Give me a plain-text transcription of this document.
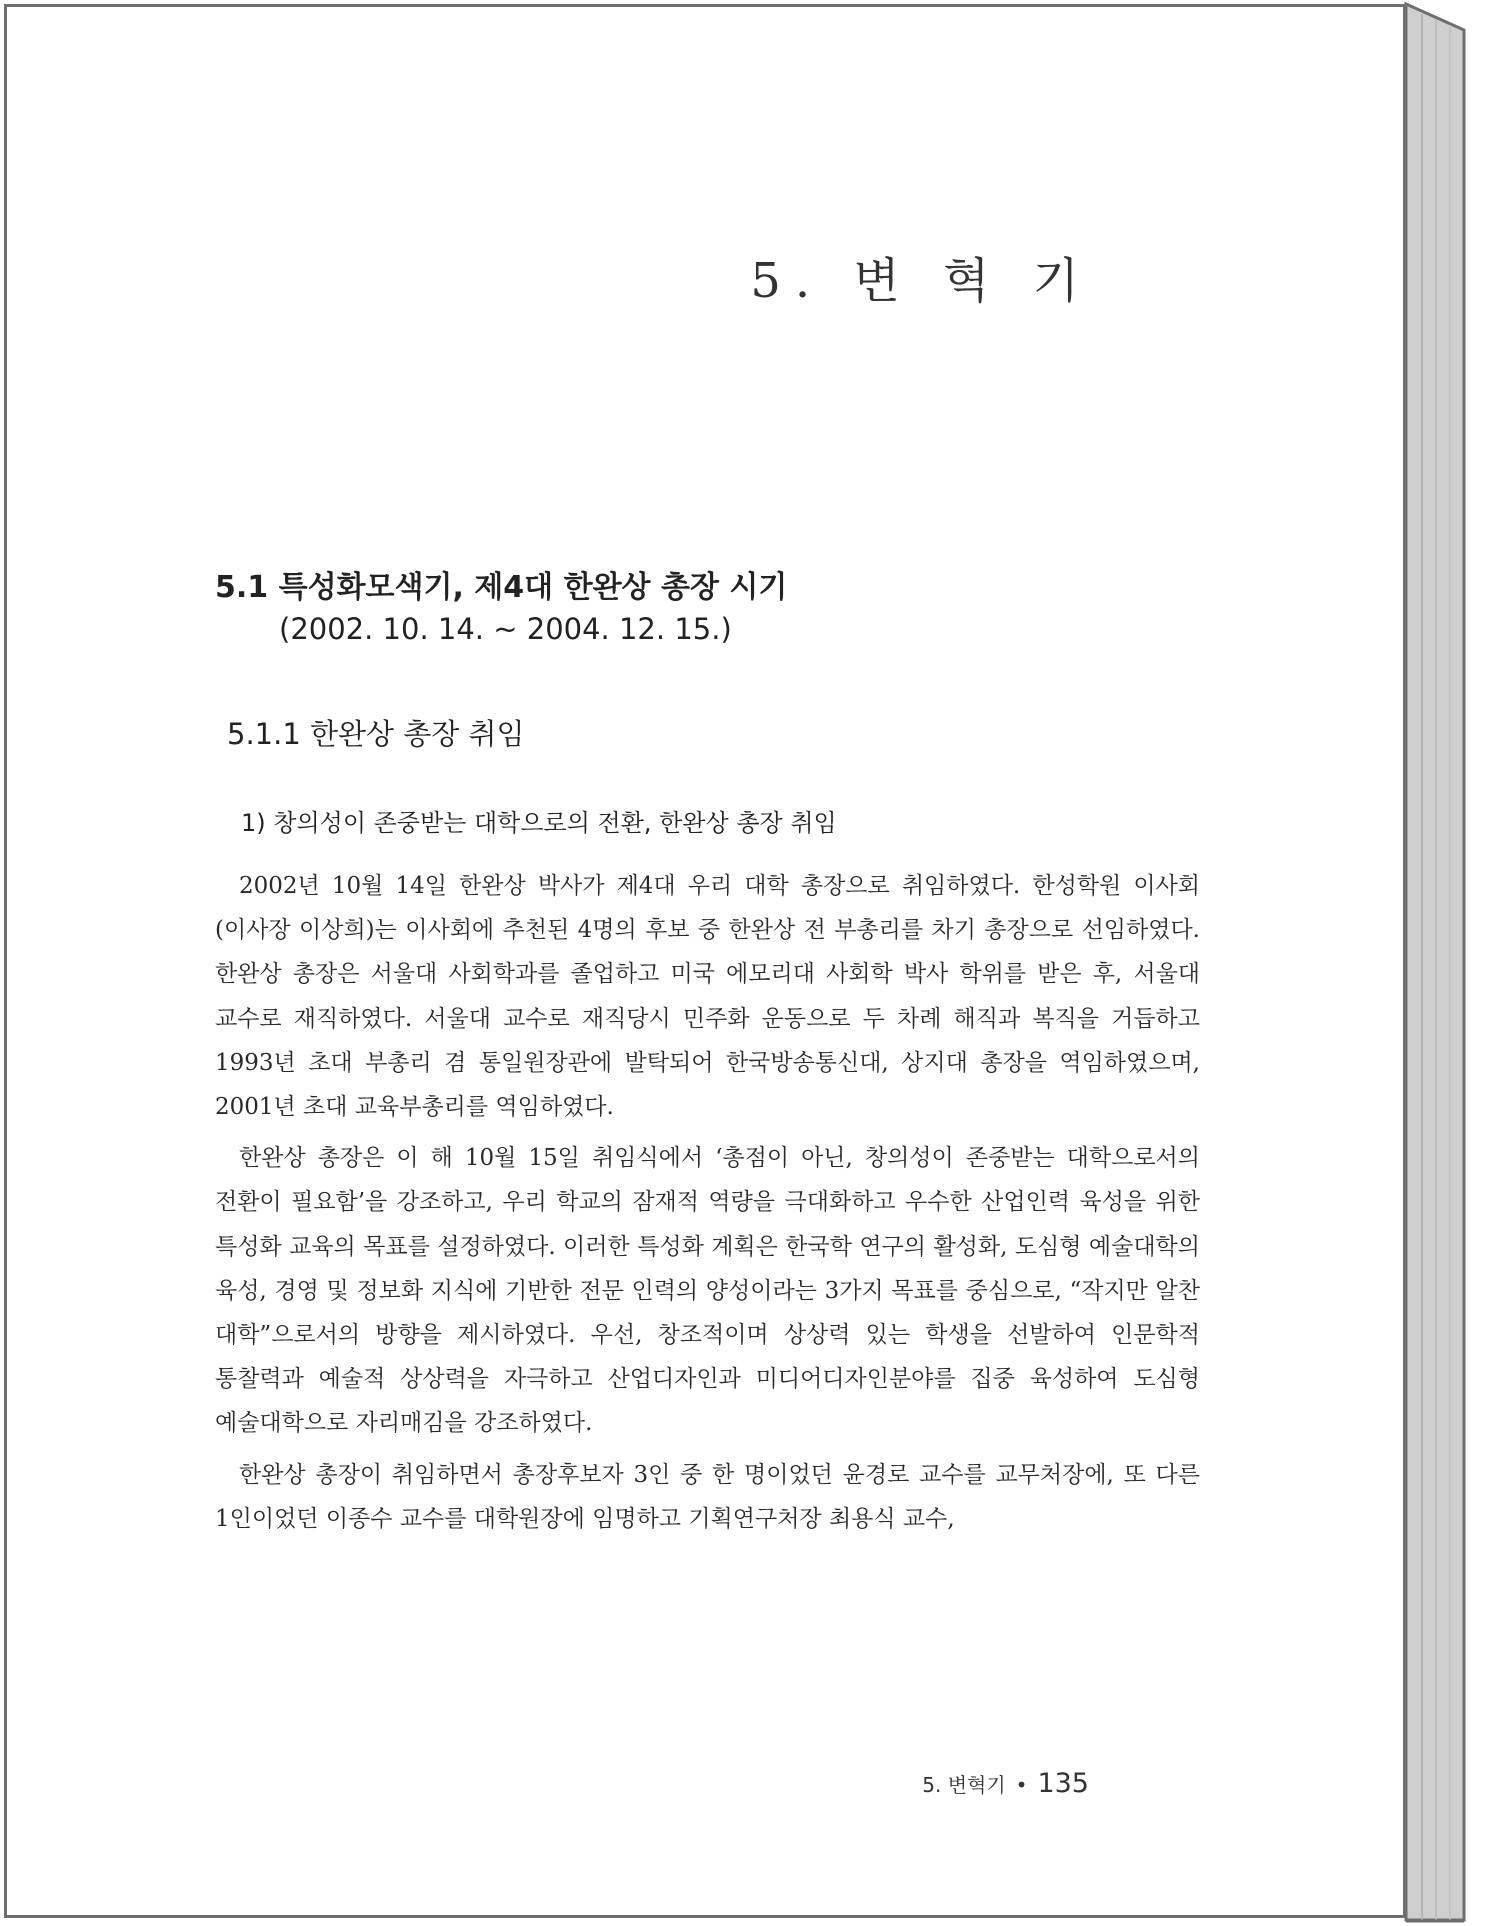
5. 변 혁 기
5.1 특성화모색기, 제4대 한완상 총장 시기
(2002. 10. 14. ~ 2004. 12. 15.)
5.1.1 한완상 총장 취임
1) 창의성이 존중받는 대학으로의 전환, 한완상 총장 취임

2002년 10월 14일 한완상 박사가 제4대 우리 대학 총장으로 취임하였다. 한성학원 이사회(이사장 이상희)는 이사회에 추천된 4명의 후보 중 한완상 전 부총리를 차기 총장으로 선임하였다. 한완상 총장은 서울대 사회학과를 졸업하고 미국 에모리대 사회학 박사 학위를 받은 후, 서울대 교수로 재직하였다. 서울대 교수로 재직당시 민주화 운동으로 두 차례 해직과 복직을 거듭하고 1993년 초대 부총리 겸 통일원장관에 발탁되어 한국방송통신대, 상지대 총장을 역임하였으며, 2001년 초대 교육부총리를 역임하였다.

한완상 총장은 이 해 10월 15일 취임식에서 ‘총점이 아닌, 창의성이 존중받는 대학으로서의 전환이 필요함’을 강조하고, 우리 학교의 잠재적 역량을 극대화하고 우수한 산업인력 육성을 위한 특성화 교육의 목표를 설정하였다. 이러한 특성화 계획은 한국학 연구의 활성화, 도심형 예술대학의 육성, 경영 및 정보화 지식에 기반한 전문 인력의 양성이라는 3가지 목표를 중심으로, “작지만 알찬 대학”으로서의 방향을 제시하였다. 우선, 창조적이며 상상력 있는 학생을 선발하여 인문학적 통찰력과 예술적 상상력을 자극하고 산업디자인과 미디어디자인분야를 집중 육성하여 도심형 예술대학으로 자리매김을 강조하였다.

한완상 총장이 취임하면서 총장후보자 3인 중 한 명이었던 윤경로 교수를 교무처장에, 또 다른 1인이었던 이종수 교수를 대학원장에 임명하고 기획연구처장 최용식 교수,

5. 변혁기 • 135
